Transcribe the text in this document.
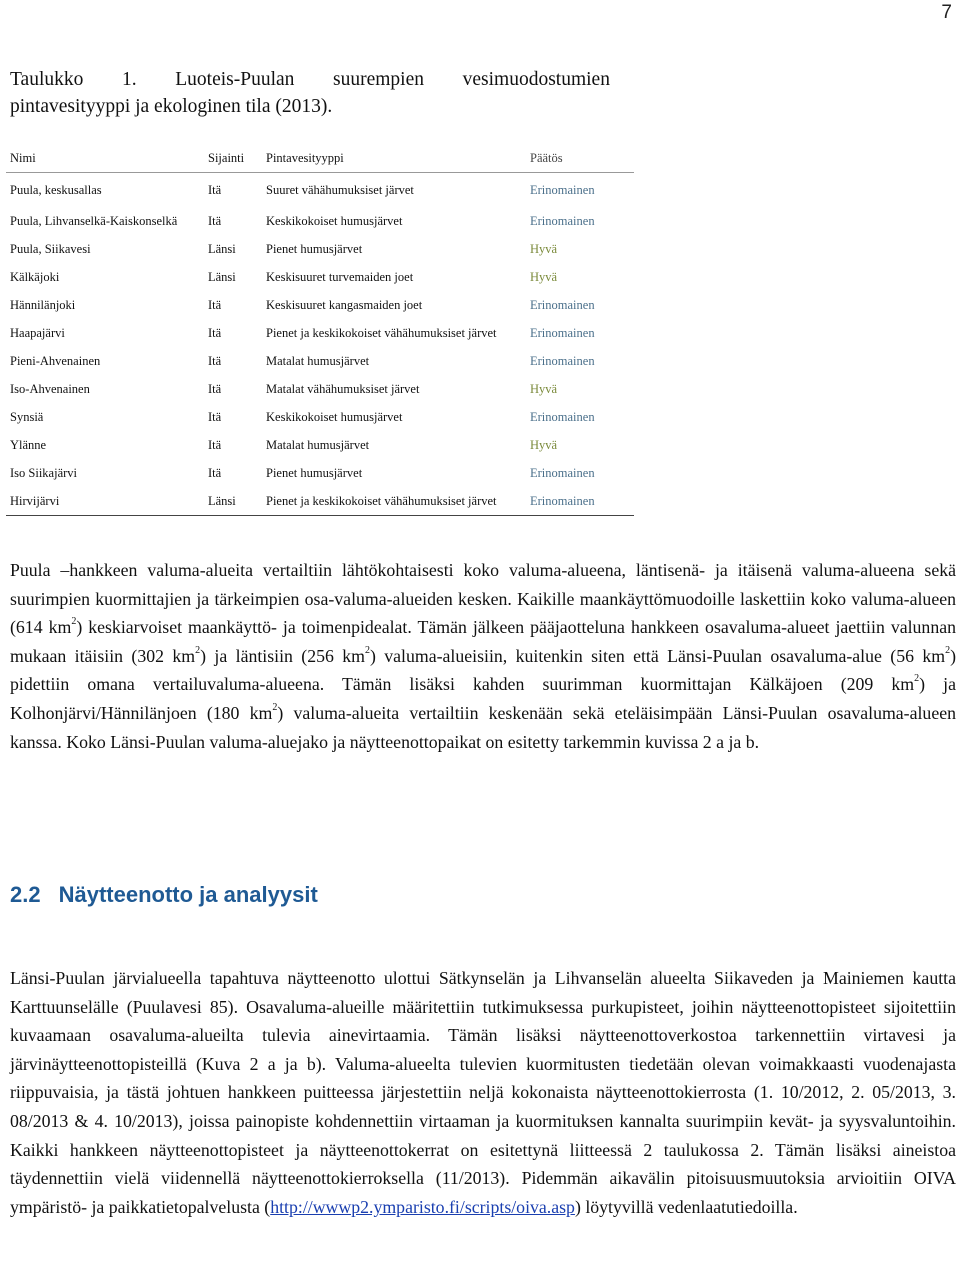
7
Taulukko 1. Luoteis-Puulan suurempien vesimuodostumien
pintavesityyppi ja ekologinen tila (2013).
Nimi	Sijainti	Pintavesityyppi	Päätös
Puula, keskusallas	Itä	Suuret vähähumuksiset järvet	Erinomainen
Puula, Lihvanselkä-Kaiskonselkä	Itä	Keskikokoiset humusjärvet	Erinomainen
Puula, Siikavesi	Länsi	Pienet humusjärvet	Hyvä
Kälkäjoki	Länsi	Keskisuuret turvemaiden joet	Hyvä
Hännilänjoki	Itä	Keskisuuret kangasmaiden joet	Erinomainen
Haapajärvi	Itä	Pienet ja keskikokoiset vähähumuksiset järvet	Erinomainen
Pieni-Ahvenainen	Itä	Matalat humusjärvet	Erinomainen
Iso-Ahvenainen	Itä	Matalat vähähumuksiset järvet	Hyvä
Synsiä	Itä	Keskikokoiset humusjärvet	Erinomainen
Ylänne	Itä	Matalat humusjärvet	Hyvä
Iso Siikajärvi	Itä	Pienet humusjärvet	Erinomainen
Hirvijärvi	Länsi	Pienet ja keskikokoiset vähähumuksiset järvet	Erinomainen
Puula –hankkeen valuma-alueita vertailtiin lähtökohtaisesti koko valuma-alueena, läntisenä- ja itäisenä valuma-alueena sekä suurimpien kuormittajien ja tärkeimpien osa-valuma-alueiden kesken. Kaikille maankäyttömuodoille laskettiin koko valuma-alueen (614 $km^2$) keskiarvoiset maankäyttö- ja toimenpidealat. Tämän jälkeen pääjaotteluna hankkeen osavaluma-alueet jaettiin valunnan mukaan itäisiin (302 $km^2$) ja läntisiin (256 $km^2$) valuma-alueisiin, kuitenkin siten että Länsi-Puulan osavaluma-alue (56 $km^2$) pidettiin omana vertailuvaluma-alueena. Tämän lisäksi kahden suurimman kuormittajan Kälkäjoen (209 $km^2$) ja Kolhonjärvi/Hännilänjoen (180 $km^2$) valuma-alueita vertailtiin keskenään sekä eteläisimpään Länsi-Puulan osavaluma-alueen kanssa. Koko Länsi-Puulan valuma-aluejako ja näytteenottopaikat on esitetty tarkemmin kuvissa 2 a ja b.
2.2 Näytteenotto ja analyysit
Länsi-Puulan järvialueella tapahtuva näytteenotto ulottui Sätkynselän ja Lihvanselän alueelta Siikaveden ja Mainiemen kautta Karttuunselälle (Puulavesi 85). Osavaluma-alueille määritettiin tutkimuksessa purkupisteet, joihin näytteenottopisteet sijoitettiin kuvaamaan osavaluma-alueilta tulevia ainevirtaamia. Tämän lisäksi näytteenottoverkostoa tarkennettiin virtavesi ja järvinäytteenottopisteillä (Kuva 2 a ja b). Valuma-alueelta tulevien kuormitusten tiedetään olevan voimakkaasti vuodenajasta riippuvaisia, ja tästä johtuen hankkeen puitteessa järjestettiin neljä kokonaista näytteenottokierrosta (1. 10/2012, 2. 05/2013, 3. 08/2013 & 4. 10/2013), joissa painopiste kohdennettiin virtaaman ja kuormituksen kannalta suurimpiin kevät- ja syysvaluntoihin. Kaikki hankkeen näytteenottopisteet ja näytteenottokerrat on esitettynä liitteessä 2 taulukossa 2. Tämän lisäksi aineistoa täydennettiin vielä viidennellä näytteenottokierroksella (11/2013). Pidemmän aikavälin pitoisuusmuutoksia arvioitiin OIVA ympäristö- ja paikkatietopalvelusta (http://wwwp2.ymparisto.fi/scripts/oiva.asp) löytyvillä vedenlaatutiedoilla.
